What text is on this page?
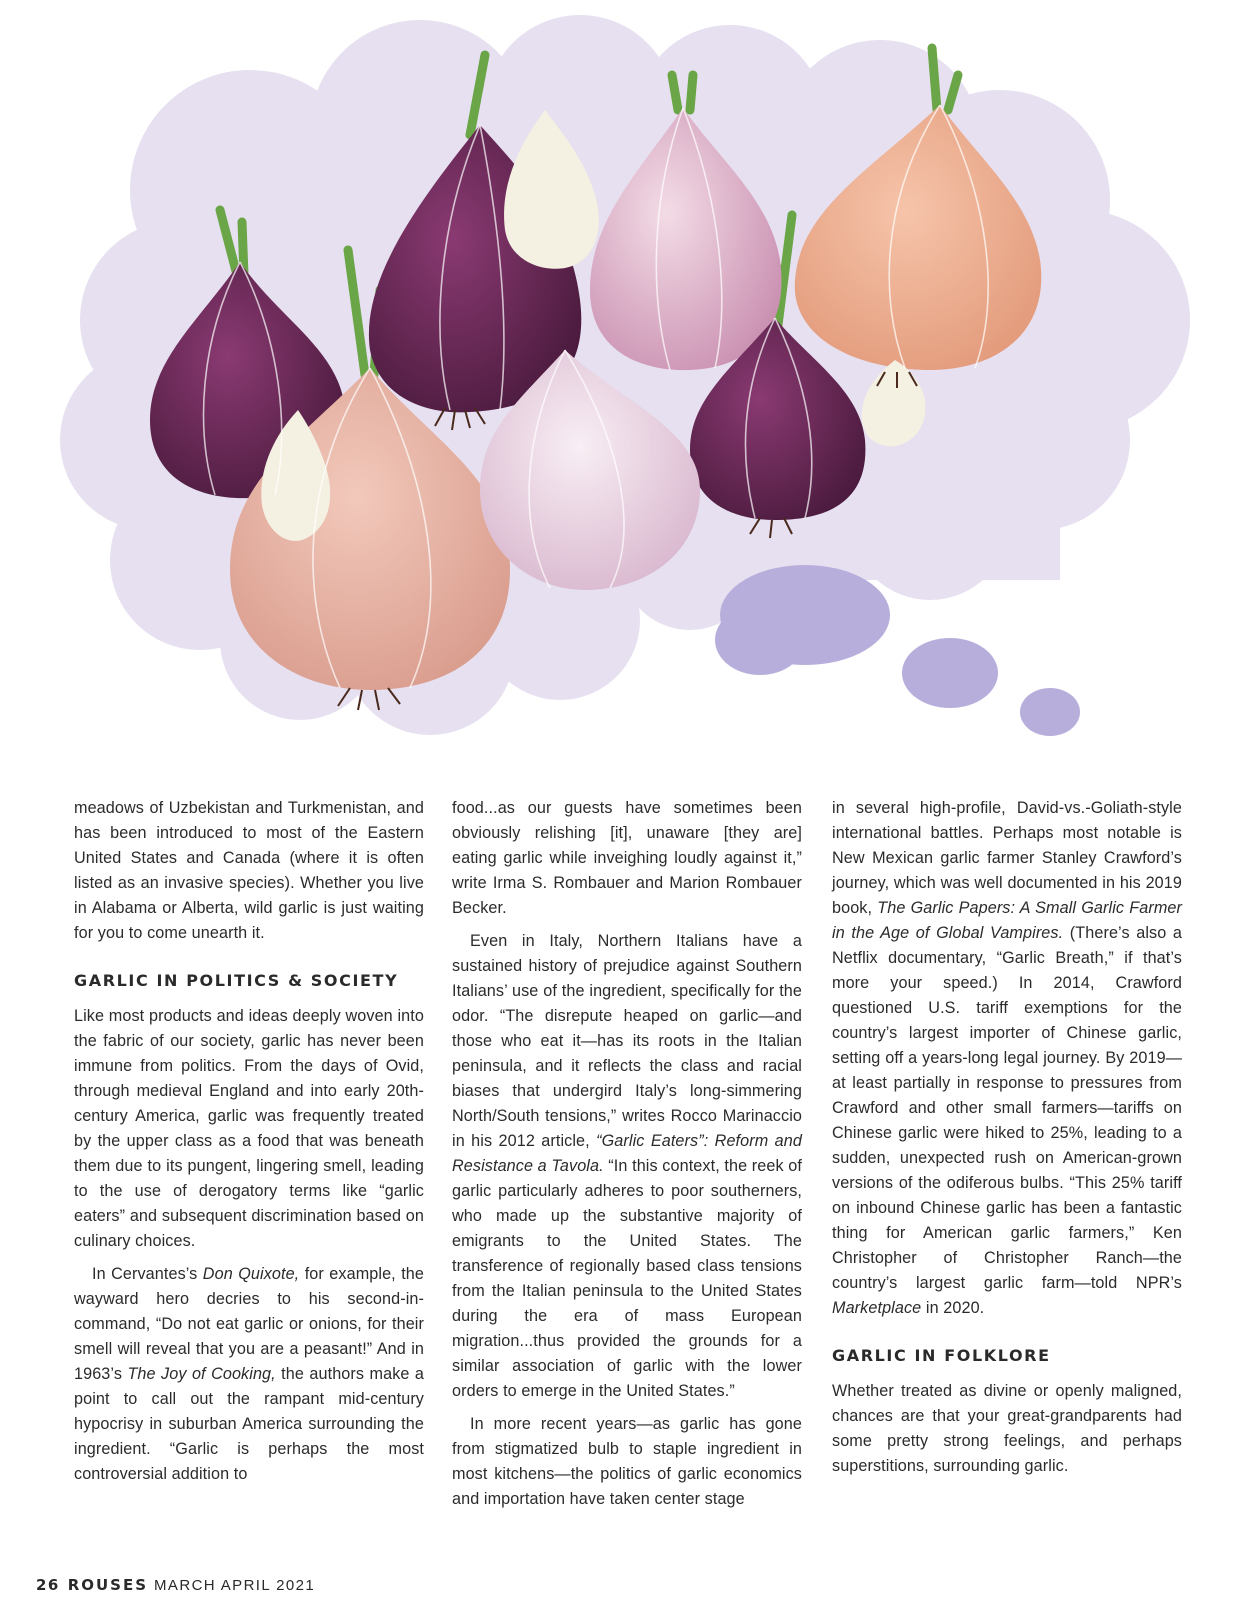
meadows of Uzbekistan and Turkmenistan, and has been introduced to most of the Eastern United States and Canada (where it is often listed as an invasive species). Whether you live in Alabama or Alberta, wild garlic is just waiting for you to come unearth it.

GARLIC IN POLITICS & SOCIETY

Like most products and ideas deeply woven into the fabric of our society, garlic has never been immune from politics. From the days of Ovid, through medieval England and into early 20th-century America, garlic was frequently treated by the upper class as a food that was beneath them due to its pungent, lingering smell, leading to the use of derogatory terms like “garlic eaters” and subsequent discrimination based on culinary choices.

In Cervantes’s Don Quixote, for example, the wayward hero decries to his second-in-command, “Do not eat garlic or onions, for their smell will reveal that you are a peasant!” And in 1963’s The Joy of Cooking, the authors make a point to call out the rampant mid-century hypocrisy in suburban America surrounding the ingredient. “Garlic is perhaps the most controversial addition to

food...as our guests have sometimes been obviously relishing [it], unaware [they are] eating garlic while inveighing loudly against it,” write Irma S. Rombauer and Marion Rombauer Becker.

Even in Italy, Northern Italians have a sustained history of prejudice against Southern Italians’ use of the ingredient, specifically for the odor. “The disrepute heaped on garlic—and those who eat it—has its roots in the Italian peninsula, and it reflects the class and racial biases that undergird Italy’s long-simmering North/South tensions,” writes Rocco Marinaccio in his 2012 article, “Garlic Eaters”: Reform and Resistance a Tavola. “In this context, the reek of garlic particularly adheres to poor southerners, who made up the substantive majority of emigrants to the United States. The transference of regionally based class tensions from the Italian peninsula to the United States during the era of mass European migration...thus provided the grounds for a similar association of garlic with the lower orders to emerge in the United States.”

In more recent years—as garlic has gone from stigmatized bulb to staple ingredient in most kitchens—the politics of garlic economics and importation have taken center stage

in several high-profile, David-vs.-Goliath-style international battles. Perhaps most notable is New Mexican garlic farmer Stanley Crawford’s journey, which was well documented in his 2019 book, The Garlic Papers: A Small Garlic Farmer in the Age of Global Vampires. (There’s also a Netflix documentary, “Garlic Breath,” if that’s more your speed.) In 2014, Crawford questioned U.S. tariff exemptions for the country’s largest importer of Chinese garlic, setting off a years-long legal journey. By 2019—at least partially in response to pressures from Crawford and other small farmers—tariffs on Chinese garlic were hiked to 25%, leading to a sudden, unexpected rush on American-grown versions of the odiferous bulbs. “This 25% tariff on inbound Chinese garlic has been a fantastic thing for American garlic farmers,” Ken Christopher of Christopher Ranch—the country’s largest garlic farm—told NPR’s Marketplace in 2020.

GARLIC IN FOLKLORE

Whether treated as divine or openly maligned, chances are that your great-grandparents had some pretty strong feelings, and perhaps superstitions, surrounding garlic.

26 ROUSES MARCH APRIL 2021
